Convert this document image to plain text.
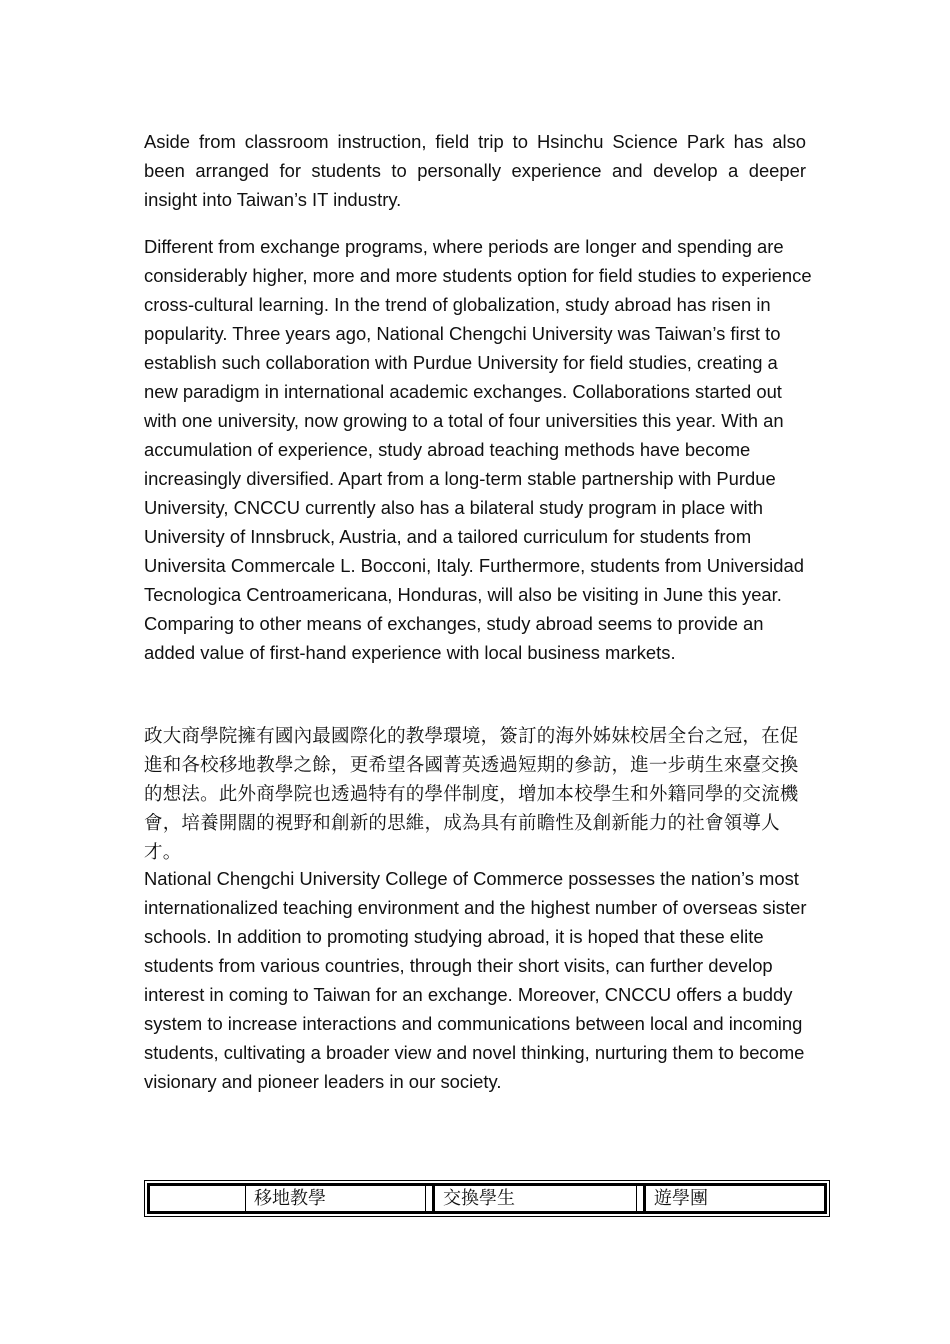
Aside from classroom instruction, field trip to Hsinchu Science Park has also been arranged for students to personally experience and develop a deeper insight into Taiwan’s IT industry.

Different from exchange programs, where periods are longer and spending are considerably higher, more and more students option for field studies to experience cross-cultural learning. In the trend of globalization, study abroad has risen in popularity. Three years ago, National Chengchi University was Taiwan’s first to establish such collaboration with Purdue University for field studies, creating a new paradigm in international academic exchanges. Collaborations started out with one university, now growing to a total of four universities this year. With an accumulation of experience, study abroad teaching methods have become increasingly diversified. Apart from a long-term stable partnership with Purdue University, CNCCU currently also has a bilateral study program in place with University of Innsbruck, Austria, and a tailored curriculum for students from Universita Commercale L. Bocconi, Italy. Furthermore, students from Universidad Tecnologica Centroamericana, Honduras, will also be visiting in June this year. Comparing to other means of exchanges, study abroad seems to provide an added value of first-hand experience with local business markets.

政大商學院擁有國內最國際化的教學環境，簽訂的海外姊妹校居全台之冠，在促進和各校移地教學之餘，更希望各國菁英透過短期的參訪，進一步萌生來臺交換的想法。此外商學院也透過特有的學伴制度，增加本校學生和外籍同學的交流機會，培養開闊的視野和創新的思維，成為具有前瞻性及創新能力的社會領導人才。

National Chengchi University College of Commerce possesses the nation’s most internationalized teaching environment and the highest number of overseas sister schools. In addition to promoting studying abroad, it is hoped that these elite students from various countries, through their short visits, can further develop interest in coming to Taiwan for an exchange. Moreover, CNCCU offers a buddy system to increase interactions and communications between local and incoming students, cultivating a broader view and novel thinking, nurturing them to become visionary and pioneer leaders in our society.

移地教學	交換學生	遊學團
